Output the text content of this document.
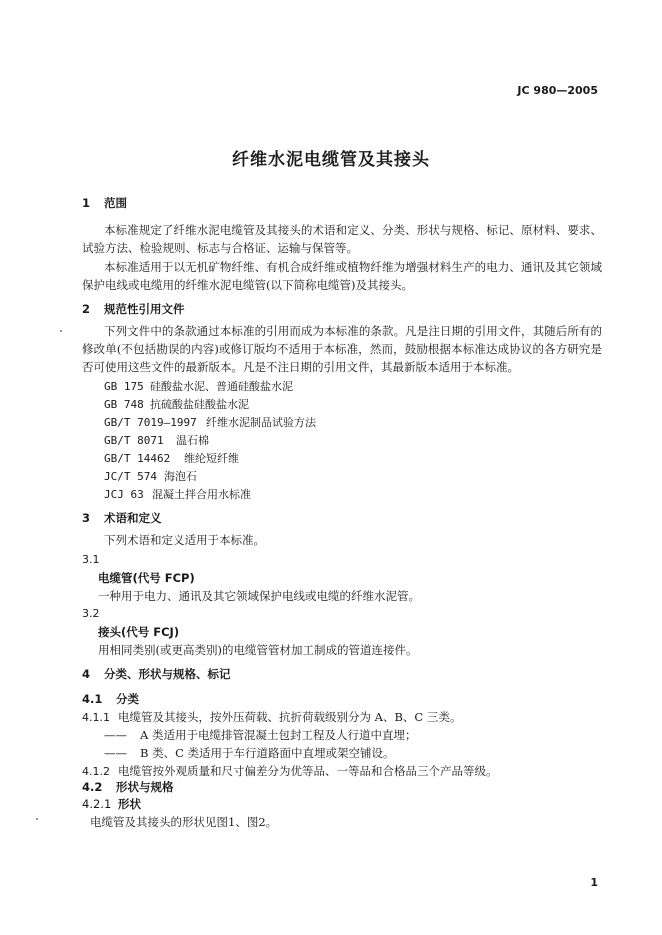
JC 980—2005
纤维水泥电缆管及其接头
1 范围
本标准规定了纤维水泥电缆管及其接头的术语和定义、分类、形状与规格、标记、原材料、要求、试验方法、检验规则、标志与合格证、运输与保管等。
本标准适用于以无机矿物纤维、有机合成纤维或植物纤维为增强材料生产的电力、通讯及其它领域保护电线或电缆用的纤维水泥电缆管(以下简称电缆管)及其接头。
2 规范性引用文件
下列文件中的条款通过本标准的引用而成为本标准的条款。凡是注日期的引用文件，其随后所有的修改单(不包括勘误的内容)或修订版均不适用于本标准，然而，鼓励根据本标准达成协议的各方研究是否可使用这些文件的最新版本。凡是不注日期的引用文件，其最新版本适用于本标准。
GB 175 硅酸盐水泥、普通硅酸盐水泥
GB 748 抗硫酸盐硅酸盐水泥
GB/T 7019—1997 纤维水泥制品试验方法
GB/T 8071 温石棉
GB/T 14462 维纶短纤维
JC/T 574 海泡石
JCJ 63 混凝土拌合用水标准
3 术语和定义
下列术语和定义适用于本标准。
3.1
电缆管(代号 FCP)
一种用于电力、通讯及其它领域保护电线或电缆的纤维水泥管。
3.2
接头(代号 FCJ)
用相同类别(或更高类别)的电缆管管材加工制成的管道连接件。
4 分类、形状与规格、标记
4.1 分类
4.1.1 电缆管及其接头，按外压荷载、抗折荷载级别分为 A、B、C 三类。
—— A 类适用于电缆排管混凝土包封工程及人行道中直埋；
—— B 类、C 类适用于车行道路面中直埋或架空铺设。
4.1.2 电缆管按外观质量和尺寸偏差分为优等品、一等品和合格品三个产品等级。
4.2 形状与规格
4.2.1 形状
电缆管及其接头的形状见图1、图2。
1
